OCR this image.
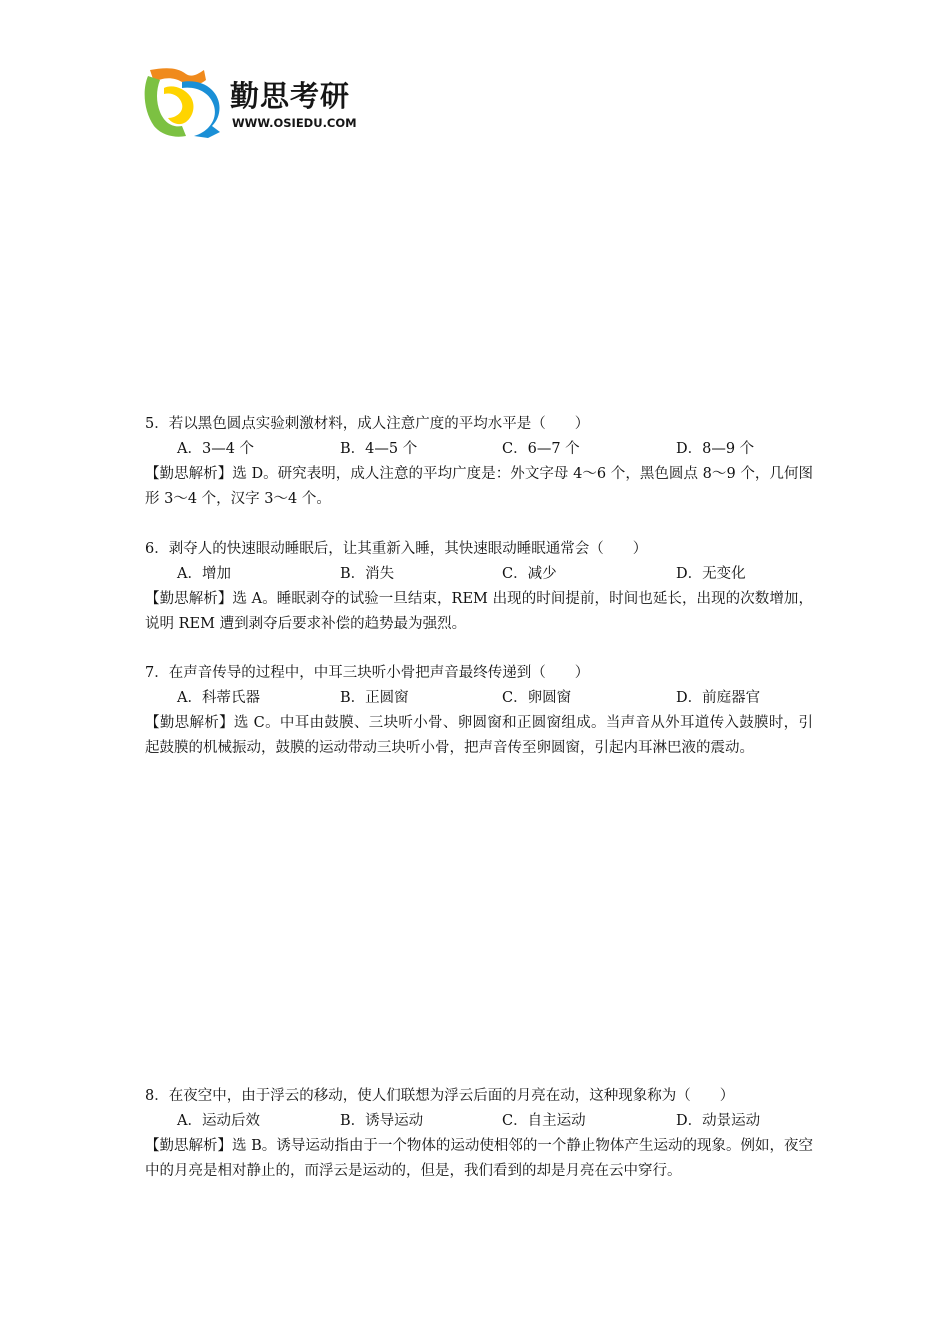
勤思考研
WWW.OSIEDU.COM
5．若以黑色圆点实验刺激材料，成人注意广度的平均水平是（　　）
A．3—4 个	B．4—5 个	C．6—7 个	D．8—9 个
【勤思解析】选 D。研究表明，成人注意的平均广度是：外文字母 4～6 个，黑色圆点 8～9 个，几何图形 3～4 个，汉字 3～4 个。
6．剥夺人的快速眼动睡眠后，让其重新入睡，其快速眼动睡眠通常会（　　）
A．增加	B．消失	C．减少	D．无变化
【勤思解析】选 A。睡眠剥夺的试验一旦结束，REM 出现的时间提前，时间也延长，出现的次数增加，说明 REM 遭到剥夺后要求补偿的趋势最为强烈。
7．在声音传导的过程中，中耳三块听小骨把声音最终传递到（　　）
A．科蒂氏器	B．正圆窗	C．卵圆窗	D．前庭器官
【勤思解析】选 C。中耳由鼓膜、三块听小骨、卵圆窗和正圆窗组成。当声音从外耳道传入鼓膜时，引起鼓膜的机械振动，鼓膜的运动带动三块听小骨，把声音传至卵圆窗，引起内耳淋巴液的震动。
8．在夜空中，由于浮云的移动，使人们联想为浮云后面的月亮在动，这种现象称为（　　）
A．运动后效	B．诱导运动	C．自主运动	D．动景运动
【勤思解析】选 B。诱导运动指由于一个物体的运动使相邻的一个静止物体产生运动的现象。例如，夜空中的月亮是相对静止的，而浮云是运动的，但是，我们看到的却是月亮在云中穿行。
